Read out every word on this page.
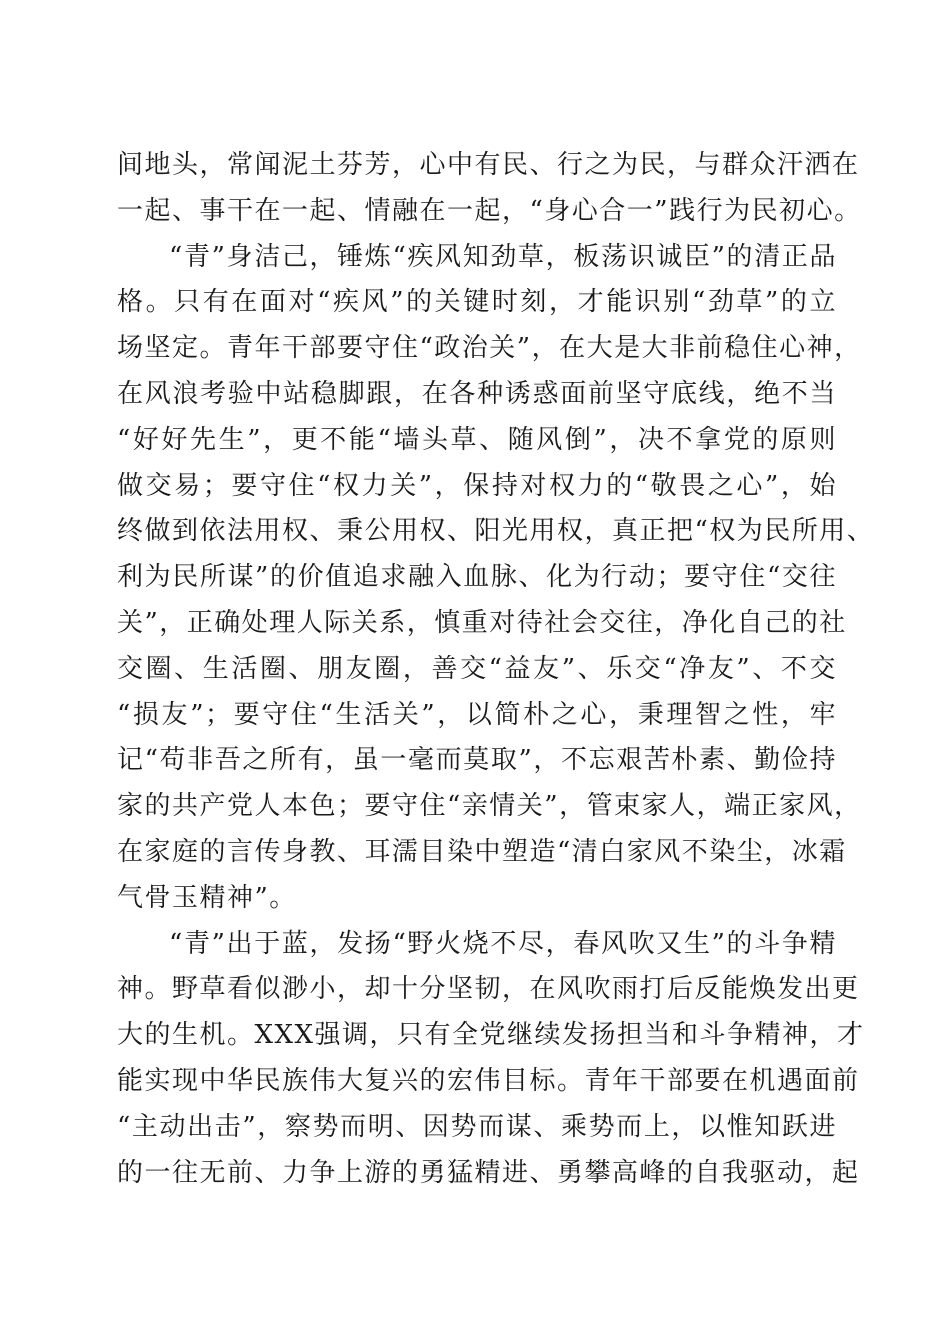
间地头，常闻泥土芬芳，心中有民、行之为民，与群众汗洒在
一起、事干在一起、情融在一起，“身心合一”践行为民初心。
“青”身洁己，锤炼“疾风知劲草，板荡识诚臣”的清正品
格。只有在面对“疾风”的关键时刻，才能识别“劲草”的立
场坚定。青年干部要守住“政治关”，在大是大非前稳住心神，
在风浪考验中站稳脚跟，在各种诱惑面前坚守底线，绝不当
“好好先生”，更不能“墙头草、随风倒”，决不拿党的原则
做交易；要守住“权力关”，保持对权力的“敬畏之心”，始
终做到依法用权、秉公用权、阳光用权，真正把“权为民所用、
利为民所谋”的价值追求融入血脉、化为行动；要守住“交往
关”，正确处理人际关系，慎重对待社会交往，净化自己的社
交圈、生活圈、朋友圈，善交“益友”、乐交“净友”、不交
“损友”；要守住“生活关”，以简朴之心，秉理智之性，牢
记“苟非吾之所有，虽一毫而莫取”，不忘艰苦朴素、勤俭持
家的共产党人本色；要守住“亲情关”，管束家人，端正家风，
在家庭的言传身教、耳濡目染中塑造“清白家风不染尘，冰霜
气骨玉精神”。
“青”出于蓝，发扬“野火烧不尽，春风吹又生”的斗争精
神。野草看似渺小，却十分坚韧，在风吹雨打后反能焕发出更
大的生机。XXX强调，只有全党继续发扬担当和斗争精神，才
能实现中华民族伟大复兴的宏伟目标。青年干部要在机遇面前
“主动出击”，察势而明、因势而谋、乘势而上，以惟知跃进
的一往无前、力争上游的勇猛精进、勇攀高峰的自我驱动，起
